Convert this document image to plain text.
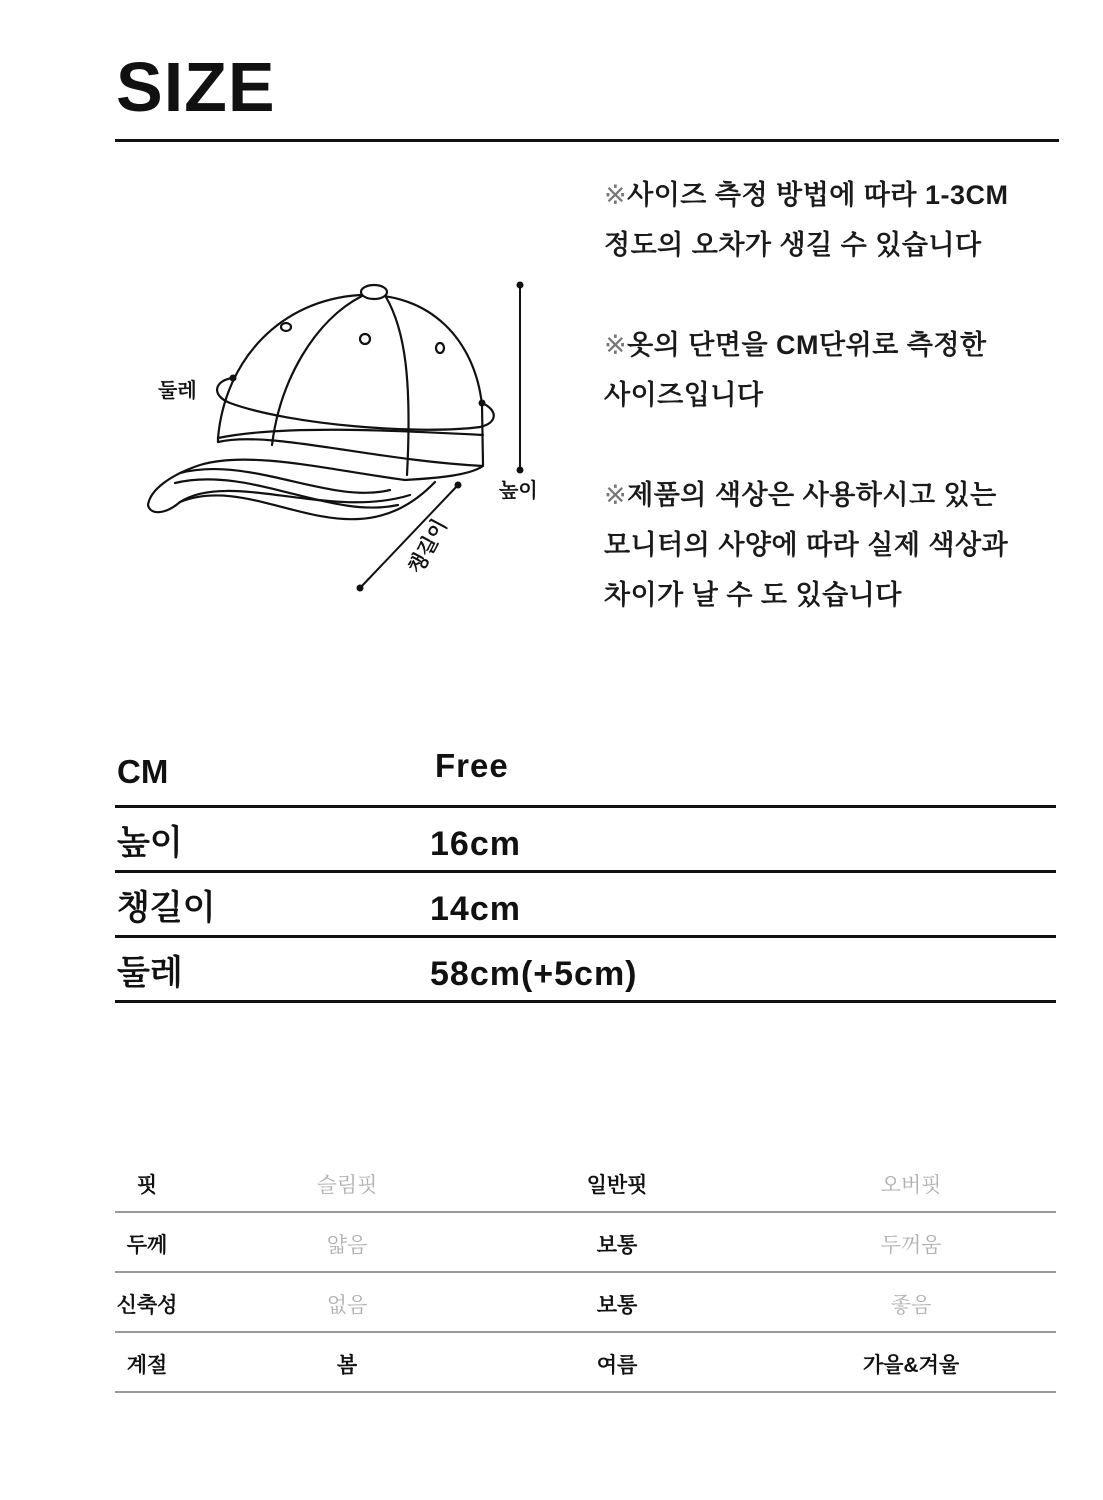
SIZE
둘레
높이
챙길이
※사이즈 측정 방법에 따라 1-3CM
정도의 오차가 생길 수 있습니다
※옷의 단면을 CM단위로 측정한
사이즈입니다
※제품의 색상은 사용하시고 있는
모니터의 사양에 따라 실제 색상과
차이가 날 수 도 있습니다
CM	Free
높이	16cm
챙길이	14cm
둘레	58cm(+5cm)
핏	슬림핏	일반핏	오버핏
두께	얇음	보통	두꺼움
신축성	없음	보통	좋음
계절	봄	여름	가을&겨울
